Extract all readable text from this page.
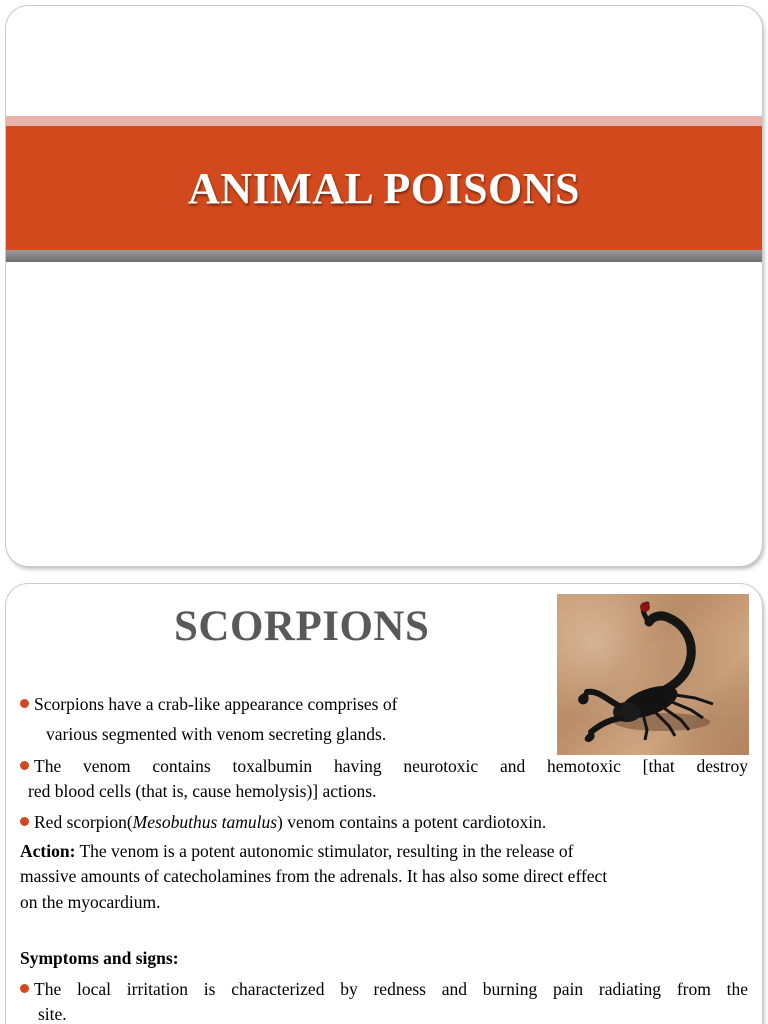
ANIMAL POISONS
SCORPIONS
Scorpions have a crab-like appearance comprises of
various segmented with venom secreting glands.
The venom contains toxalbumin having neurotoxic and hemotoxic [that destroy
red blood cells (that is, cause hemolysis)] actions.
Red scorpion(Mesobuthus tamulus) venom contains a potent cardiotoxin.
Action: The venom is a potent autonomic stimulator, resulting in the release of
massive amounts of catecholamines from the adrenals. It has also some direct effect
on the myocardium.
Symptoms and signs:
The local irritation is characterized by redness and burning pain radiating from the
site.
